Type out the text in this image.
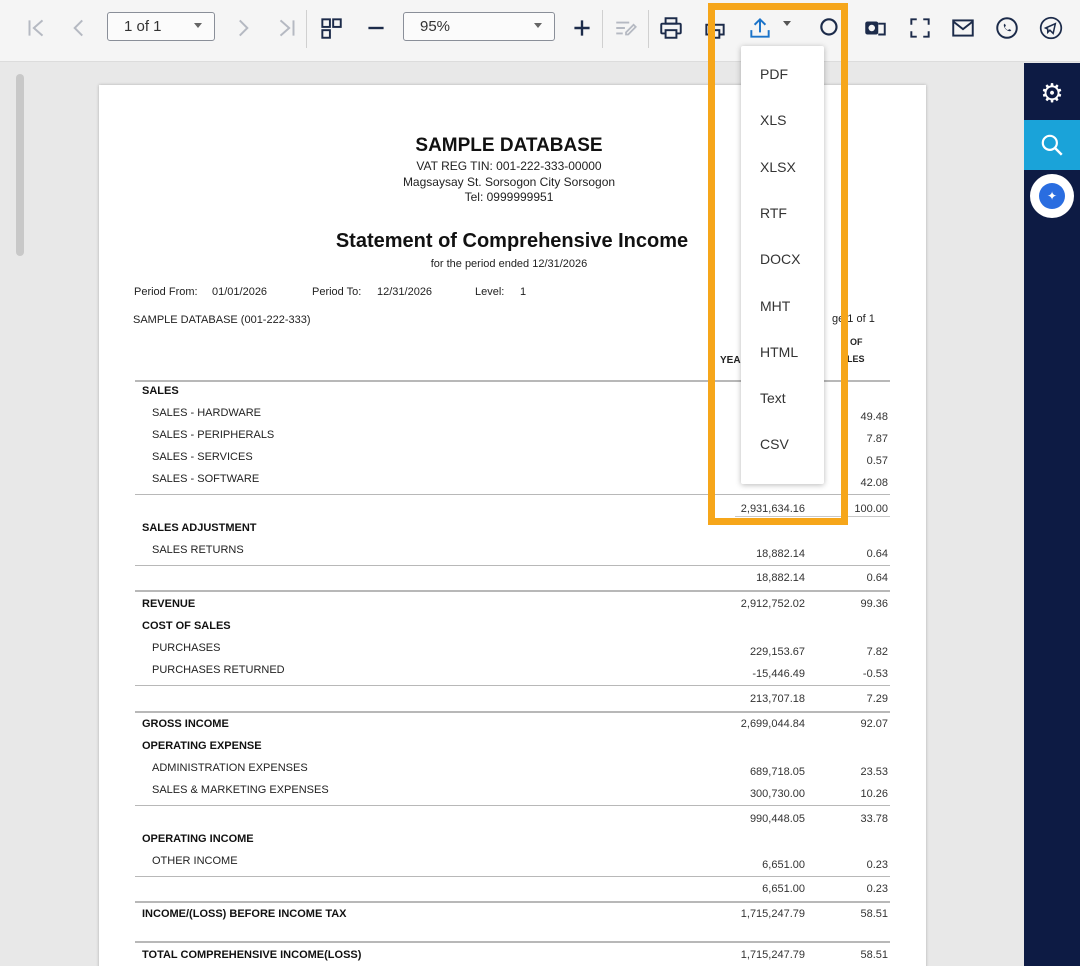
1 of 1	95%
⚙
✦
SAMPLE DATABASE
VAT REG TIN: 001-222-333-00000
Magsaysay St. Sorsogon City Sorsogon
Tel: 0999999951
Statement of Comprehensive Income
for the period ended 12/31/2026
Period From: 01/01/2026	Period To: 12/31/2026	Level: 1
SAMPLE DATABASE (001-222-333)	ge 1 of 1
YEA
OF
LES
SALES
SALES - HARDWARE	49.48
SALES - PERIPHERALS	7.87
SALES - SERVICES	0.57
SALES - SOFTWARE	42.08
2,931,634.16	100.00
SALES ADJUSTMENT
SALES RETURNS	18,882.14	0.64
18,882.14	0.64
REVENUE	2,912,752.02	99.36
COST OF SALES
PURCHASES	229,153.67	7.82
PURCHASES RETURNED	-15,446.49	-0.53
213,707.18	7.29
GROSS INCOME	2,699,044.84	92.07
OPERATING EXPENSE
ADMINISTRATION EXPENSES	689,718.05	23.53
SALES & MARKETING EXPENSES	300,730.00	10.26
990,448.05	33.78
OPERATING INCOME
OTHER INCOME	6,651.00	0.23
6,651.00	0.23
INCOME/(LOSS) BEFORE INCOME TAX	1,715,247.79	58.51
TOTAL COMPREHENSIVE INCOME(LOSS)	1,715,247.79	58.51
PDF
XLS
XLSX
RTF
DOCX
MHT
HTML
Text
CSV
